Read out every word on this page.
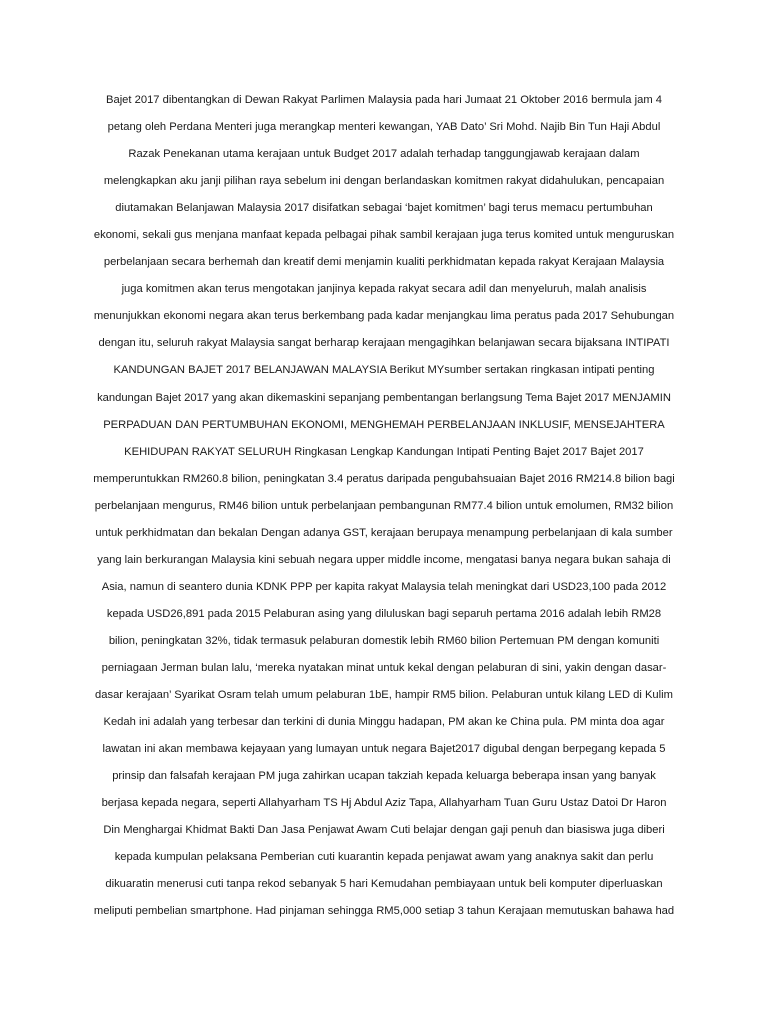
Bajet 2017 dibentangkan di Dewan Rakyat Parlimen Malaysia pada hari Jumaat 21 Oktober 2016 bermula jam 4
petang oleh Perdana Menteri juga merangkap menteri kewangan, YAB Dato’ Sri Mohd. Najib Bin Tun Haji Abdul
Razak Penekanan utama kerajaan untuk Budget 2017 adalah terhadap tanggungjawab kerajaan dalam
melengkapkan aku janji pilihan raya sebelum ini dengan berlandaskan komitmen rakyat didahulukan, pencapaian
diutamakan Belanjawan Malaysia 2017 disifatkan sebagai ‘bajet komitmen’ bagi terus memacu pertumbuhan
ekonomi, sekali gus menjana manfaat kepada pelbagai pihak sambil kerajaan juga terus komited untuk menguruskan
perbelanjaan secara berhemah dan kreatif demi menjamin kualiti perkhidmatan kepada rakyat Kerajaan Malaysia
juga komitmen akan terus mengotakan janjinya kepada rakyat secara adil dan menyeluruh, malah analisis
menunjukkan ekonomi negara akan terus berkembang pada kadar menjangkau lima peratus pada 2017 Sehubungan
dengan itu, seluruh rakyat Malaysia sangat berharap kerajaan mengagihkan belanjawan secara bijaksana INTIPATI
KANDUNGAN BAJET 2017 BELANJAWAN MALAYSIA Berikut MYsumber sertakan ringkasan intipati penting
kandungan Bajet 2017 yang akan dikemaskini sepanjang pembentangan berlangsung Tema Bajet 2017 MENJAMIN
PERPADUAN DAN PERTUMBUHAN EKONOMI, MENGHEMAH PERBELANJAAN INKLUSIF, MENSEJAHTERA
KEHIDUPAN RAKYAT SELURUH Ringkasan Lengkap Kandungan Intipati Penting Bajet 2017 Bajet 2017
memperuntukkan RM260.8 bilion, peningkatan 3.4 peratus daripada pengubahsuaian Bajet 2016 RM214.8 bilion bagi
perbelanjaan mengurus, RM46 bilion untuk perbelanjaan pembangunan RM77.4 bilion untuk emolumen, RM32 bilion
untuk perkhidmatan dan bekalan Dengan adanya GST, kerajaan berupaya menampung perbelanjaan di kala sumber
yang lain berkurangan Malaysia kini sebuah negara upper middle income, mengatasi banya negara bukan sahaja di
Asia, namun di seantero dunia KDNK PPP per kapita rakyat Malaysia telah meningkat dari USD23,100 pada 2012
kepada USD26,891 pada 2015 Pelaburan asing yang diluluskan bagi separuh pertama 2016 adalah lebih RM28
bilion, peningkatan 32%, tidak termasuk pelaburan domestik lebih RM60 bilion Pertemuan PM dengan komuniti
perniagaan Jerman bulan lalu, ‘mereka nyatakan minat untuk kekal dengan pelaburan di sini, yakin dengan dasar-
dasar kerajaan’ Syarikat Osram telah umum pelaburan 1bE, hampir RM5 bilion. Pelaburan untuk kilang LED di Kulim
Kedah ini adalah yang terbesar dan terkini di dunia Minggu hadapan, PM akan ke China pula. PM minta doa agar
lawatan ini akan membawa kejayaan yang lumayan untuk negara Bajet2017 digubal dengan berpegang kepada 5
prinsip dan falsafah kerajaan PM juga zahirkan ucapan takziah kepada keluarga beberapa insan yang banyak
berjasa kepada negara, seperti Allahyarham TS Hj Abdul Aziz Tapa, Allahyarham Tuan Guru Ustaz Datoi Dr Haron
Din Menghargai Khidmat Bakti Dan Jasa Penjawat Awam Cuti belajar dengan gaji penuh dan biasiswa juga diberi
kepada kumpulan pelaksana Pemberian cuti kuarantin kepada penjawat awam yang anaknya sakit dan perlu
dikuaratin menerusi cuti tanpa rekod sebanyak 5 hari Kemudahan pembiayaan untuk beli komputer diperluaskan
meliputi pembelian smartphone. Had pinjaman sehingga RM5,000 setiap 3 tahun Kerajaan memutuskan bahawa had
